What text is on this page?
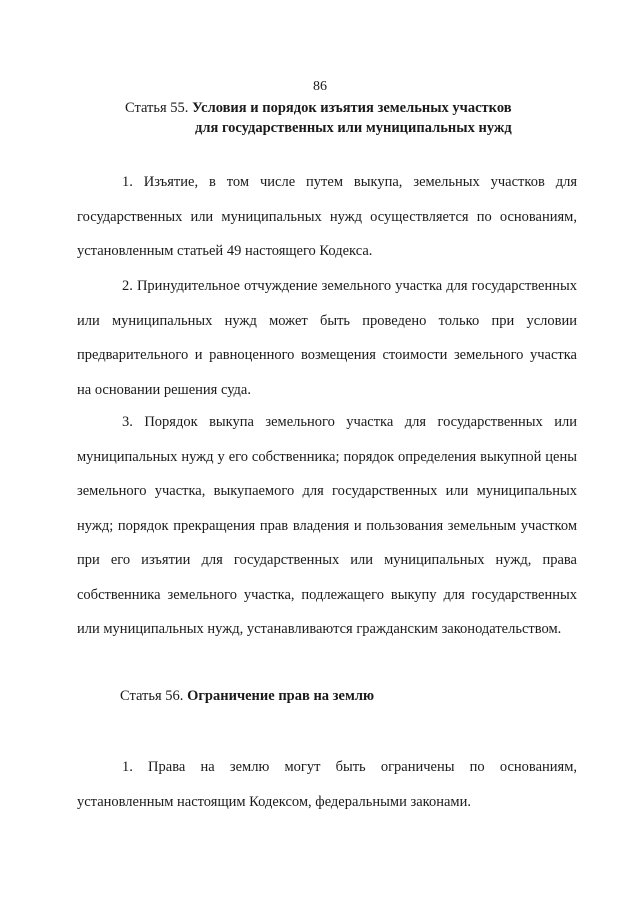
86
Статья 55. Условия и порядок изъятия земельных участков
для государственных или муниципальных нужд

1. Изъятие, в том числе путем выкупа, земельных участков для государственных или муниципальных нужд осуществляется по основаниям, установленным статьей 49 настоящего Кодекса.

2. Принудительное отчуждение земельного участка для государственных или муниципальных нужд может быть проведено только при условии предварительного и равноценного возмещения стоимости земельного участка на основании решения суда.

3. Порядок выкупа земельного участка для государственных или муниципальных нужд у его собственника; порядок определения выкупной цены земельного участка, выкупаемого для государственных или муниципальных нужд; порядок прекращения прав владения и пользования земельным участком при его изъятии для государственных или муниципальных нужд, права собственника земельного участка, подлежащего выкупу для государственных или муниципальных нужд, устанавливаются гражданским законодательством.

Статья 56. Ограничение прав на землю

1. Права на землю могут быть ограничены по основаниям, установленным настоящим Кодексом, федеральными законами.
